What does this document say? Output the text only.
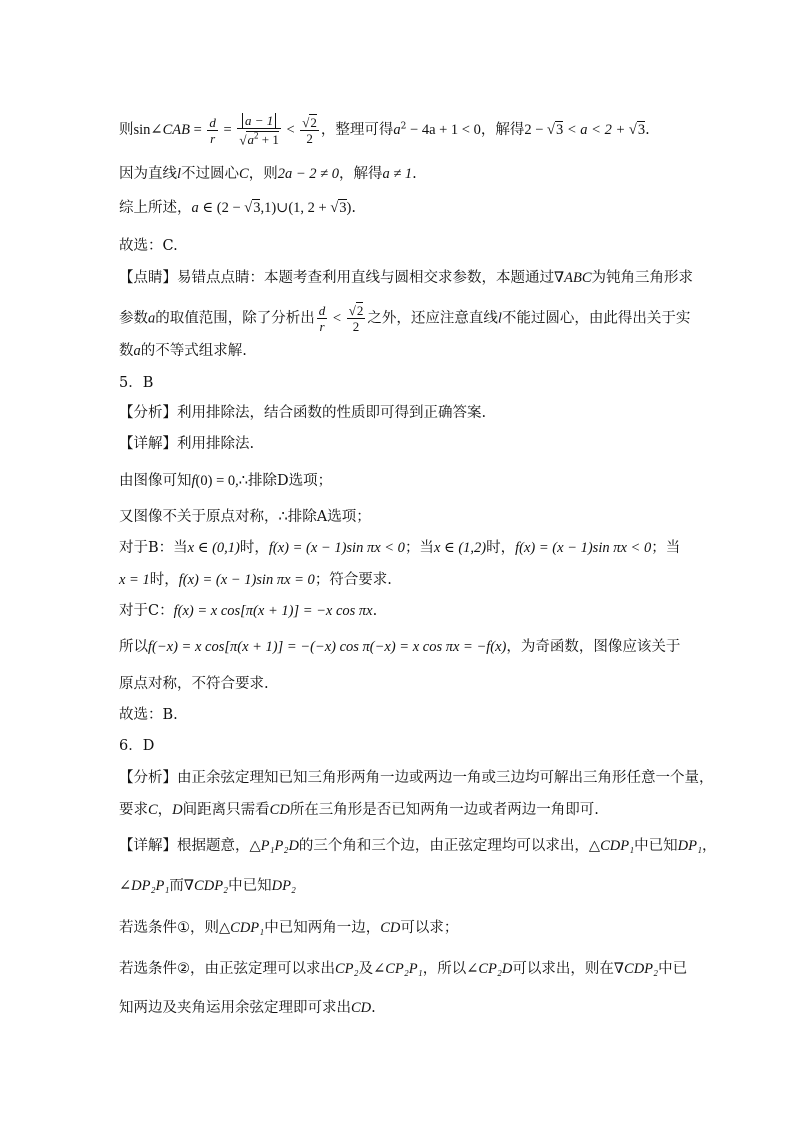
则sin∠CAB = $\frac{d}{r} = \frac{a - 1}{√a^2 + 1} < \frac{√2}{2}$ ，整理可得$a^2 - 4a + 1 < 0$，解得2 − √3 < a < 2 + √3.
因为直线l不过圆心C，则2a − 2 ≠ 0，解得a ≠ 1.
综上所述，a ∈ (2 − √3,1)∪(1, 2 + √3).
故选：C.
【点睛】易错点点睛：本题考查利用直线与圆相交求参数，本题通过∇ABC为钝角三角形求
参数a的取值范围，除了分析出 $\frac{d}{r} < \frac{√2}{2}$ 之外，还应注意直线l不能过圆心，由此得出关于实
数a的不等式组求解.
5．B
【分析】利用排除法，结合函数的性质即可得到正确答案.
【详解】利用排除法.
由图像可知f(0) = 0,∴排除D选项；
又图像不关于原点对称，∴排除A选项；
对于B：当x ∈ (0,1)时，f(x) = (x − 1)sin πx < 0；当x ∈ (1,2)时，f(x) = (x − 1)sin πx < 0；当
x = 1时，f(x) = (x − 1)sin πx = 0；符合要求.
对于C：f(x) = x cos[π(x + 1)] = −x cos πx.
所以f(−x) = x cos[π(x + 1)] = −(−x) cos π(−x) = x cos πx = −f(x)，为奇函数，图像应该关于
原点对称，不符合要求.
故选：B.
6．D
【分析】由正余弦定理知已知三角形两角一边或两边一角或三边均可解出三角形任意一个量，
要求C，D间距离只需看CD所在三角形是否已知两角一边或者两边一角即可.
【详解】根据题意，△P₁P₂D的三个角和三个边，由正弦定理均可以求出，△CDP₁中已知DP₁，
∠DP₂P₁而∇CDP₂中已知DP₂
若选条件①，则△CDP₁中已知两角一边，CD可以求；
若选条件②，由正弦定理可以求出CP₂及∠CP₂P₁，所以∠CP₂D可以求出，则在∇CDP₂中已
知两边及夹角运用余弦定理即可求出CD.
